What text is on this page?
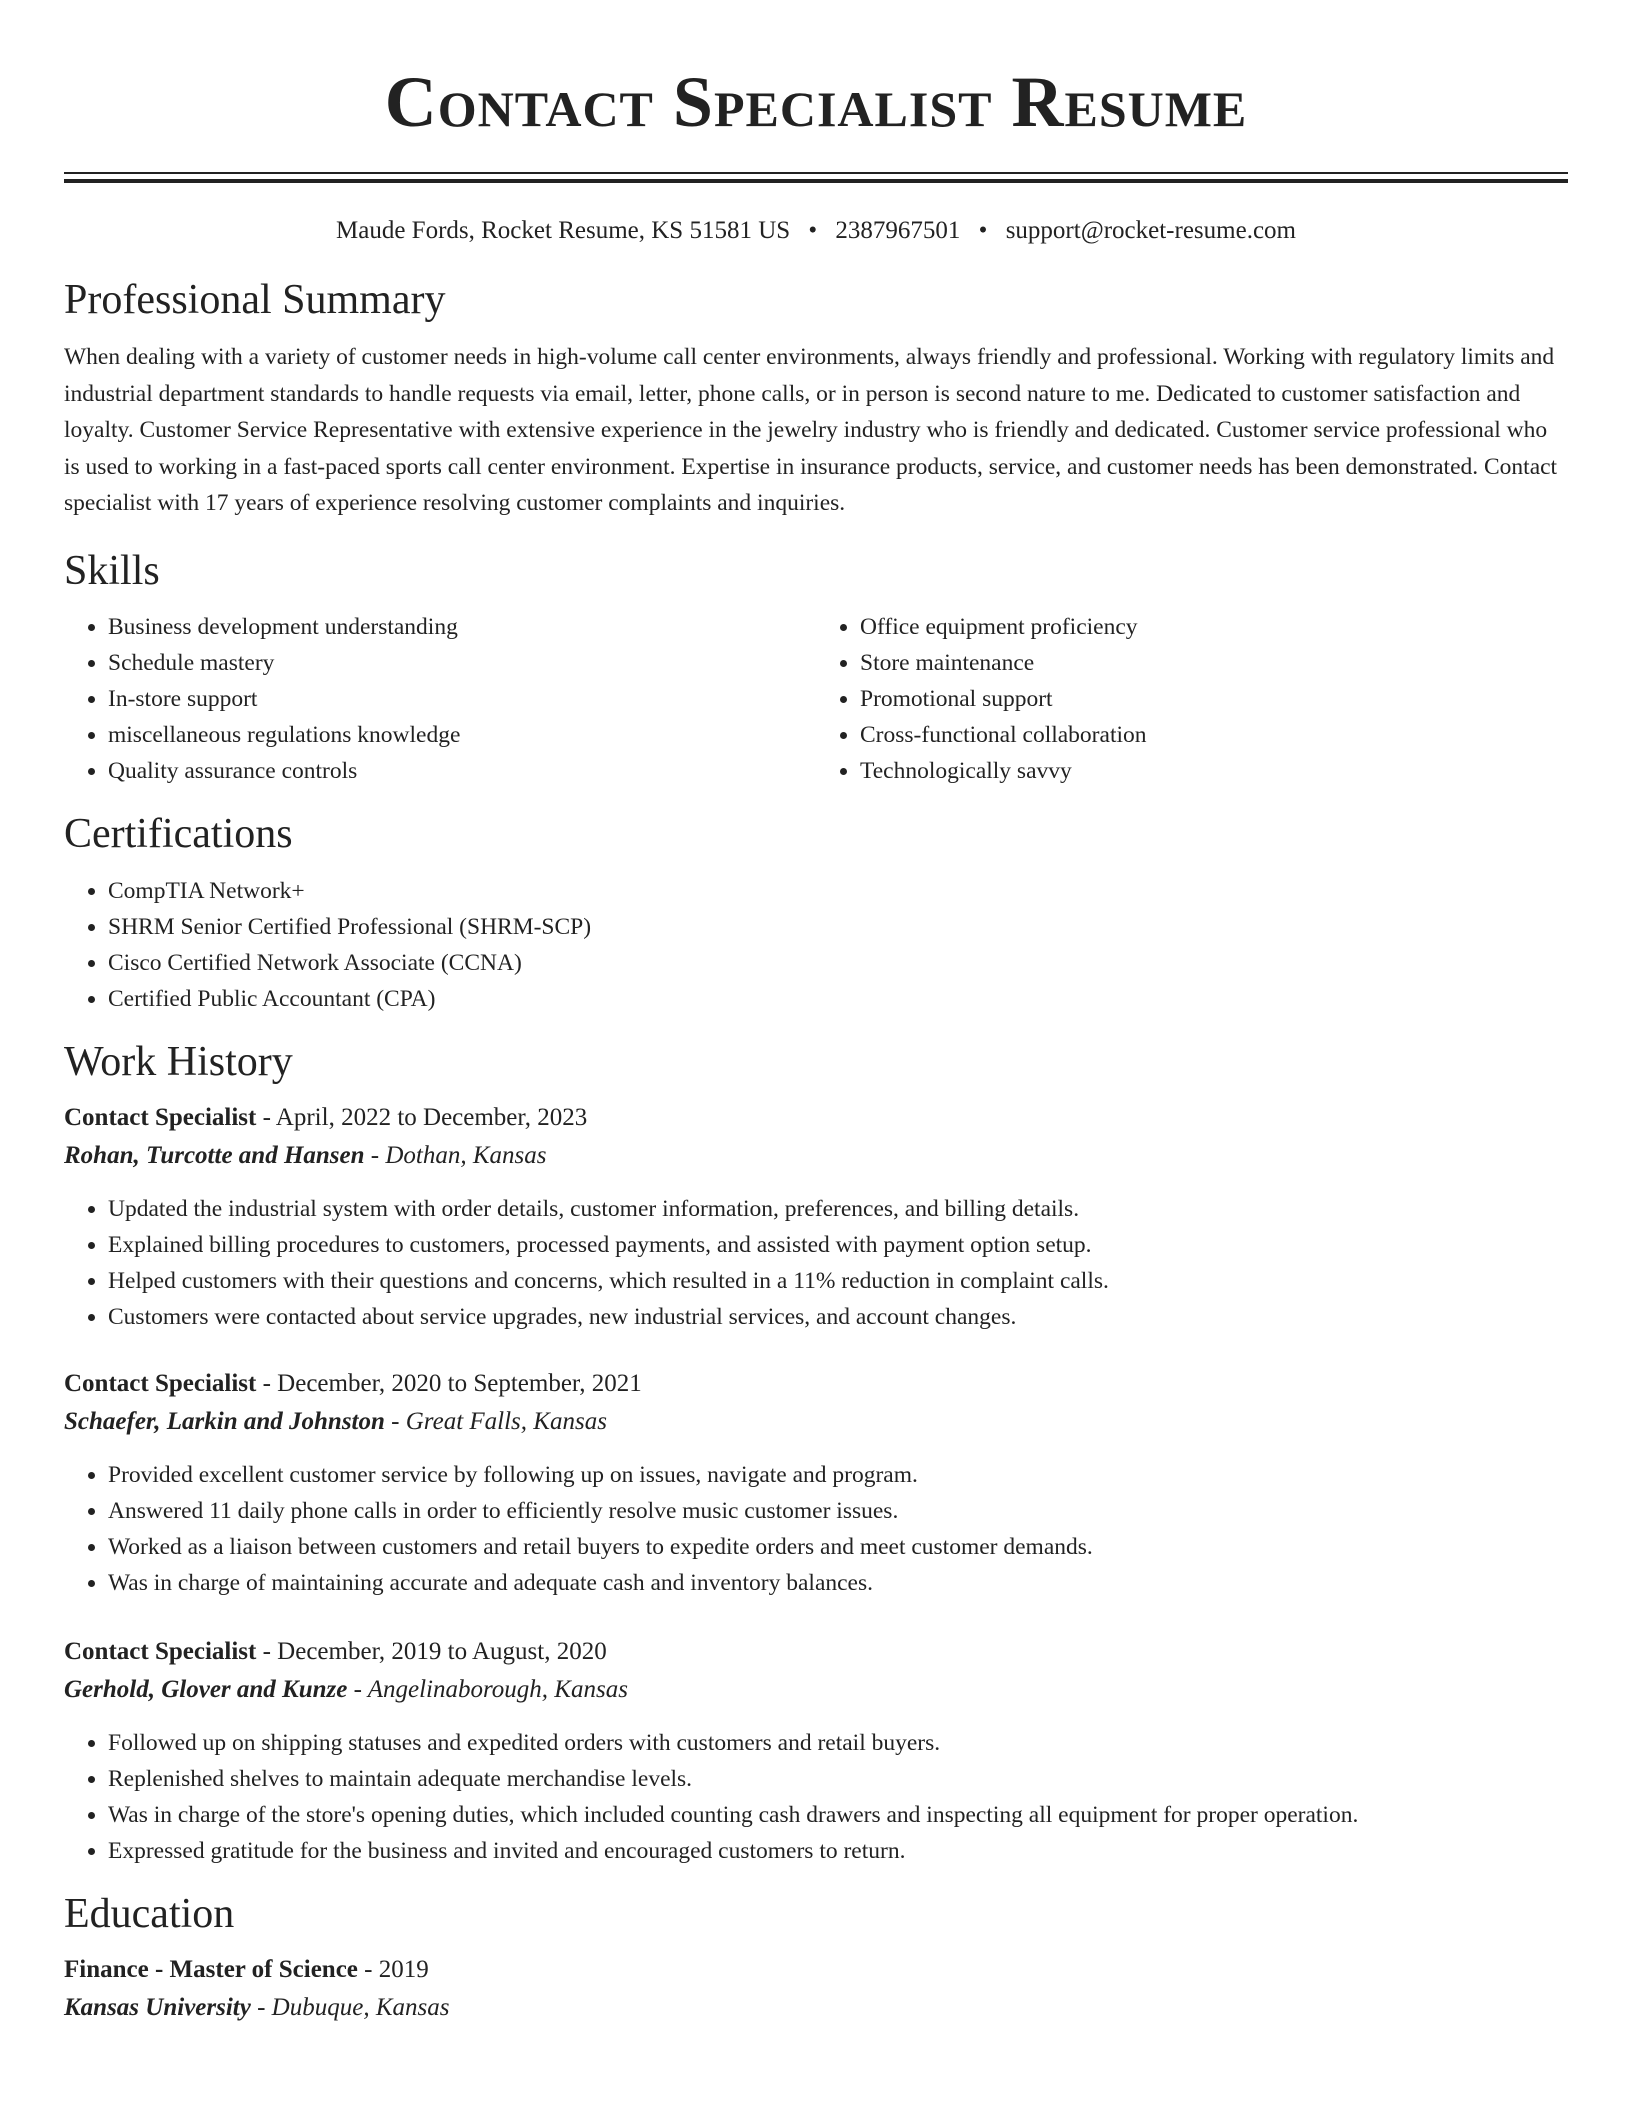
Contact Specialist Resume
Maude Fords, Rocket Resume, KS 51581 US • 2387967501 • support@rocket-resume.com
Professional Summary

When dealing with a variety of customer needs in high-volume call center environments, always friendly and professional. Working with regulatory limits and industrial department standards to handle requests via email, letter, phone calls, or in person is second nature to me. Dedicated to customer satisfaction and loyalty. Customer Service Representative with extensive experience in the jewelry industry who is friendly and dedicated. Customer service professional who is used to working in a fast-paced sports call center environment. Expertise in insurance products, service, and customer needs has been demonstrated. Contact specialist with 17 years of experience resolving customer complaints and inquiries.

Skills
• Business development understanding
• Schedule mastery
• In-store support
• miscellaneous regulations knowledge
• Quality assurance controls
• Office equipment proficiency
• Store maintenance
• Promotional support
• Cross-functional collaboration
• Technologically savvy
Certifications
• CompTIA Network+
• SHRM Senior Certified Professional (SHRM-SCP)
• Cisco Certified Network Associate (CCNA)
• Certified Public Accountant (CPA)
Work History
Contact Specialist - April, 2022 to December, 2023
Rohan, Turcotte and Hansen - Dothan, Kansas
• Updated the industrial system with order details, customer information, preferences, and billing details.
• Explained billing procedures to customers, processed payments, and assisted with payment option setup.
• Helped customers with their questions and concerns, which resulted in a 11% reduction in complaint calls.
• Customers were contacted about service upgrades, new industrial services, and account changes.
Contact Specialist - December, 2020 to September, 2021
Schaefer, Larkin and Johnston - Great Falls, Kansas
• Provided excellent customer service by following up on issues, navigate and program.
• Answered 11 daily phone calls in order to efficiently resolve music customer issues.
• Worked as a liaison between customers and retail buyers to expedite orders and meet customer demands.
• Was in charge of maintaining accurate and adequate cash and inventory balances.
Contact Specialist - December, 2019 to August, 2020
Gerhold, Glover and Kunze - Angelinaborough, Kansas
• Followed up on shipping statuses and expedited orders with customers and retail buyers.
• Replenished shelves to maintain adequate merchandise levels.
• Was in charge of the store's opening duties, which included counting cash drawers and inspecting all equipment for proper operation.
• Expressed gratitude for the business and invited and encouraged customers to return.
Education
Finance - Master of Science - 2019
Kansas University - Dubuque, Kansas
